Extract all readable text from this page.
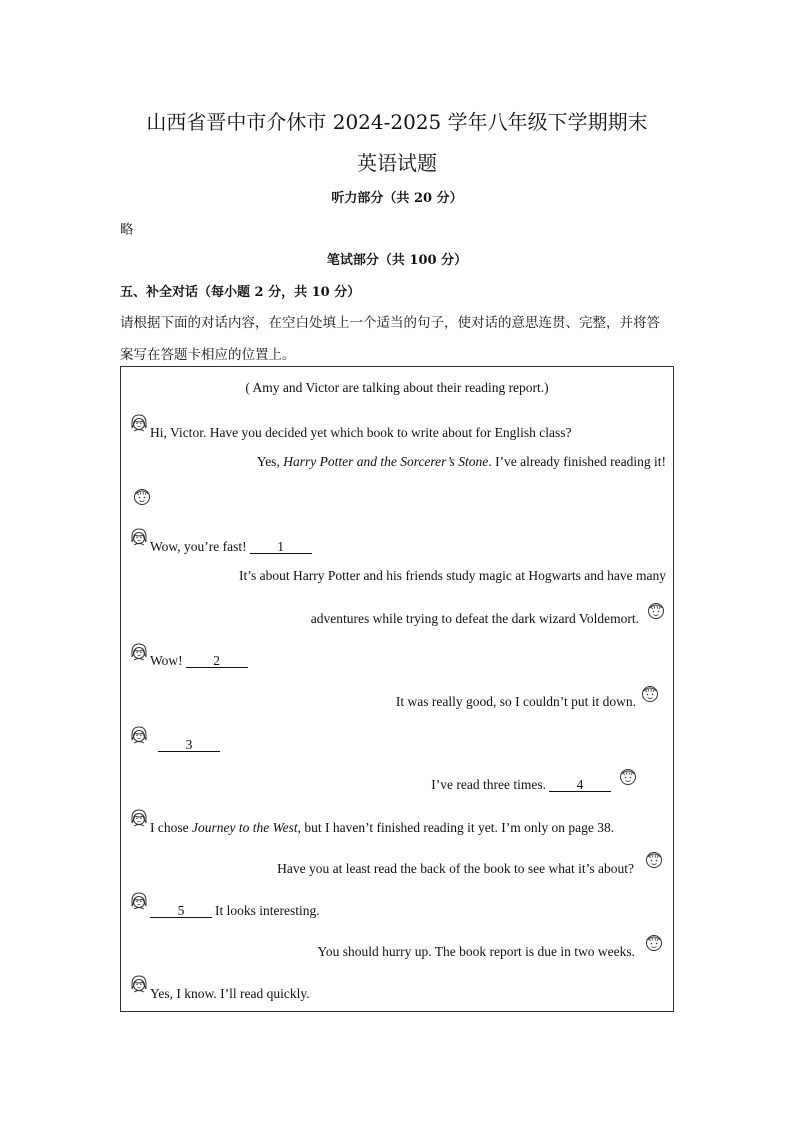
山西省晋中市介休市 2024-2025 学年八年级下学期期末
英语试题
听力部分（共 20 分）
略
笔试部分（共 100 分）
五、补全对话（每小题 2 分，共 10 分）
请根据下面的对话内容，在空白处填上一个适当的句子，使对话的意思连贯、完整，并将答
案写在答题卡相应的位置上。
( Amy and Victor are talking about their reading report.)
Hi, Victor. Have you decided yet which book to write about for English class?
Yes, Harry Potter and the Sorcerer’s Stone. I’ve already finished reading it!
Wow, you’re fast! 1
It’s about Harry Potter and his friends study magic at Hogwarts and have many
adventures while trying to defeat the dark wizard Voldemort.
Wow! 2
It was really good, so I couldn’t put it down.
3
I’ve read three times. 4
I chose Journey to the West, but I haven’t finished reading it yet. I’m only on page 38.
Have you at least read the back of the book to see what it’s about?
5 It looks interesting.
You should hurry up. The book report is due in two weeks.
Yes, I know. I’ll read quickly.
